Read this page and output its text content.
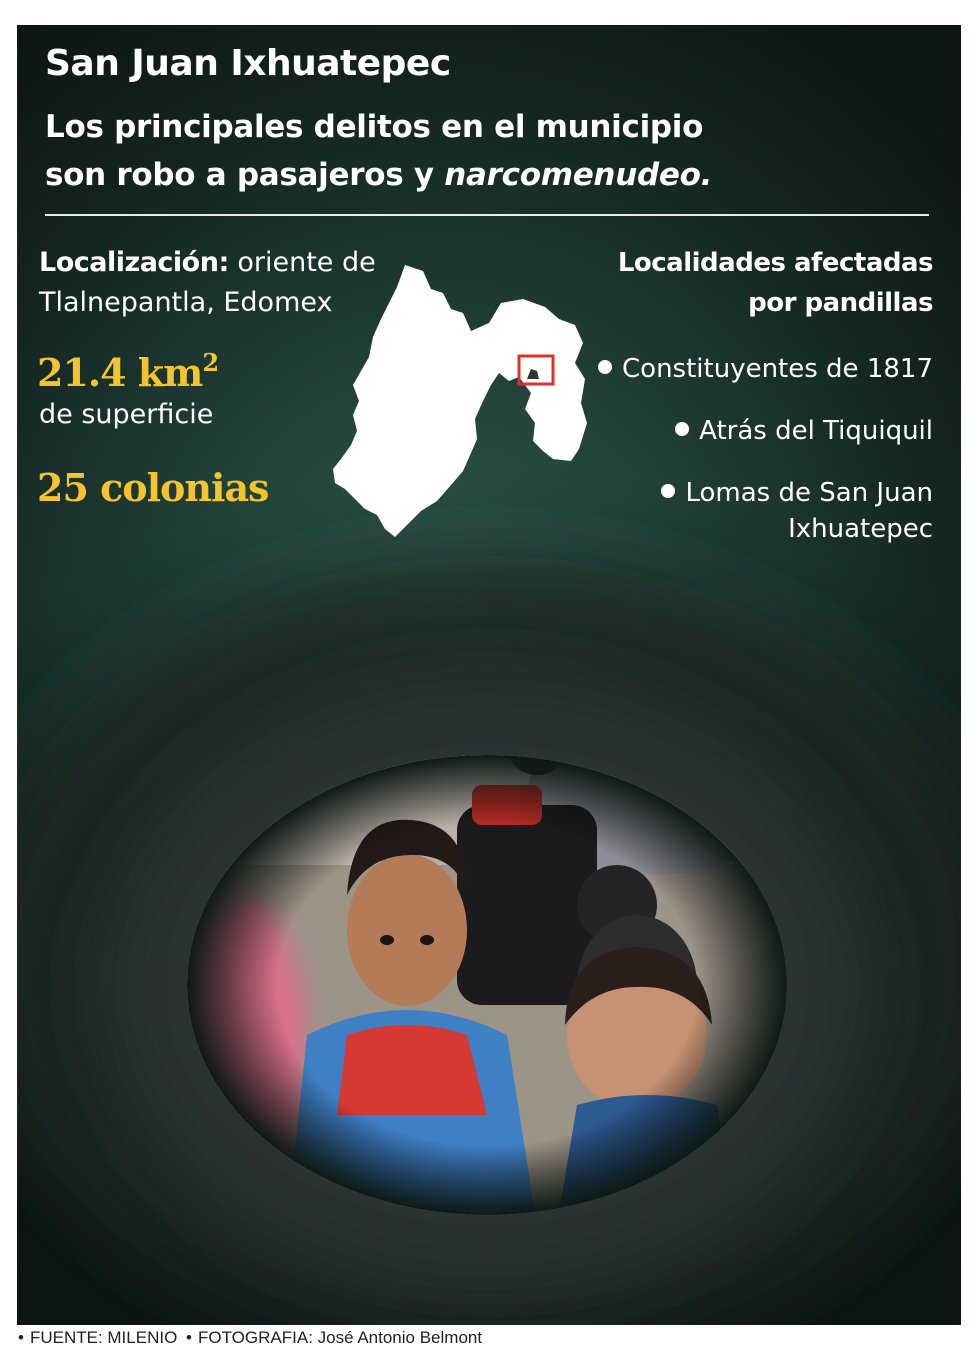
San Juan Ixhuatepec

Los principales delitos en el municipio son robo a pasajeros y narcomenudeo.

Localización: oriente de
Tlalnepantla, Edomex
21.4 $km^2$
de superficie
25 colonias
Localidades afectadas
por pandillas
Constituyentes de 1817
Atrás del Tiquiquil
Lomas de San Juan
Ixhuatepec
• FUENTE: MILENIO • FOTOGRAFIA: José Antonio Belmont
